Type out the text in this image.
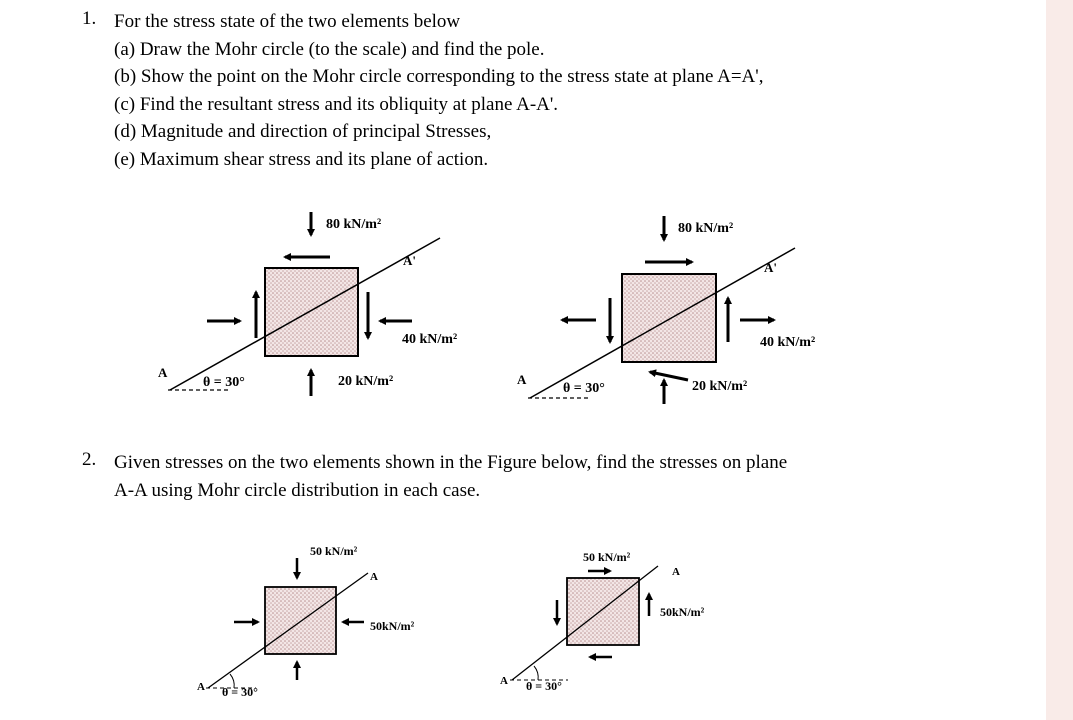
1. For the stress state of the two elements below
(a) Draw the Mohr circle (to the scale) and find the pole.
(b) Show the point on the Mohr circle corresponding to the stress state at plane A=A',
(c) Find the resultant stress and its obliquity at plane A-A'.
(d) Magnitude and direction of principal Stresses,
(e) Maximum shear stress and its plane of action.
2. Given stresses on the two elements shown in the Figure below, find the stresses on plane
A-A using Mohr circle distribution in each case.
80 kN/m²
A'
40 kN/m²
20 kN/m²
A
θ = 30°
80 kN/m²
A'
40 kN/m²
20 kN/m²
A
θ = 30°
50 kN/m²
A
50kN/m²
A θ = 30°
50 kN/m²
A
50kN/m²
A θ = 30°
